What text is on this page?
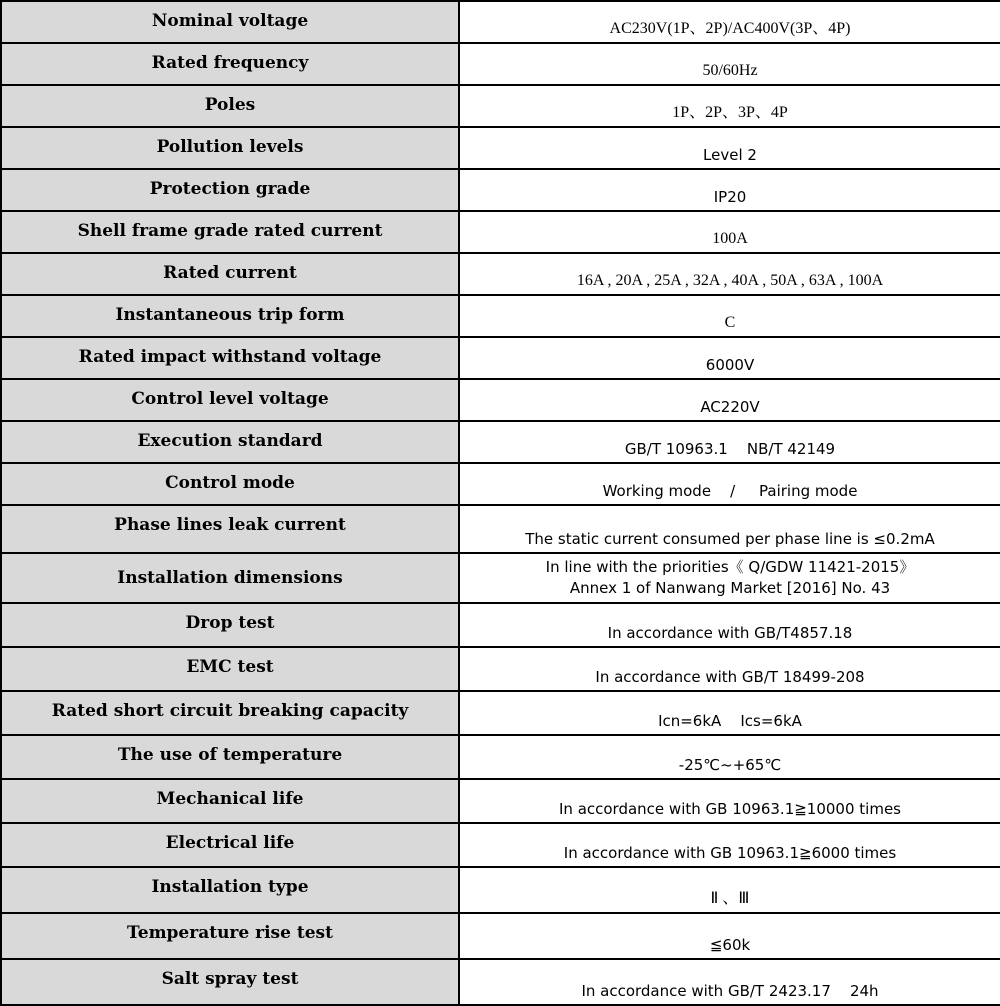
Nominal voltage	AC230V(1P、2P)/AC400V(3P、4P)
Rated frequency	50/60Hz
Poles	1P、2P、3P、4P
Pollution levels	Level 2
Protection grade	IP20
Shell frame grade rated current	100A
Rated current	16A , 20A , 25A , 32A , 40A , 50A , 63A , 100A
Instantaneous trip form	C
Rated impact withstand voltage	6000V
Control level voltage	AC220V
Execution standard	GB/T 10963.1    NB/T 42149
Control mode	Working mode    /     Pairing mode
Phase lines leak current	The static current consumed per phase line is ≤0.2mA
Installation dimensions	In line with the priorities《 Q/GDW 11421-2015》
Annex 1 of Nanwang Market [2016] No. 43

Drop test	In accordance with GB/T4857.18
EMC test	In accordance with GB/T 18499-208
Rated short circuit breaking capacity	Icn=6kA    Ics=6kA
The use of temperature	-25℃~+65℃
Mechanical life	In accordance with GB 10963.1≧10000 times
Electrical life	In accordance with GB 10963.1≧6000 times
Installation type	Ⅱ 、Ⅲ
Temperature rise test	≦60k
Salt spray test	In accordance with GB/T 2423.17    24h
